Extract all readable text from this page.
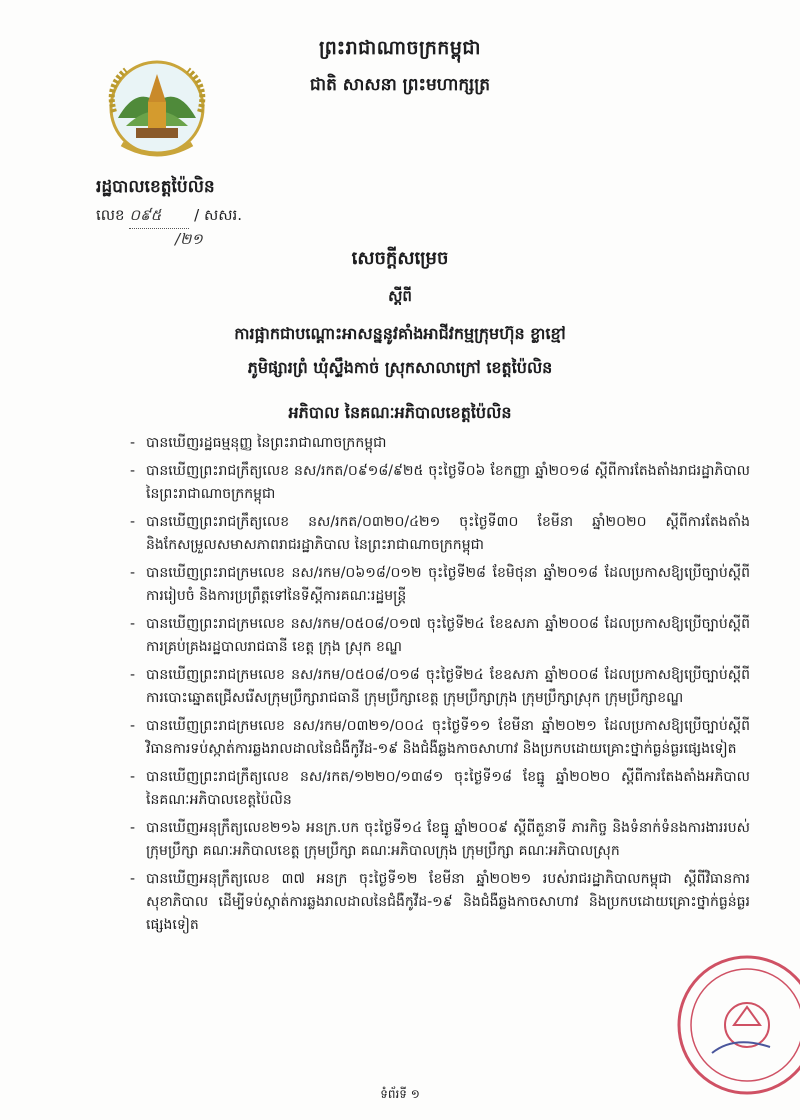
ព្រះរាជាណាចក្រកម្ពុជា
ជាតិ សាសនា ព្រះមហាក្សត្រ
រដ្ឋបាលខេត្តប៉ៃលិន
លេខ ០៩៥ / សសរ.
/២១
សេចក្តីសម្រេច
ស្តីពី
ការផ្អាកជាបណ្តោះអាសន្ននូវគាំងអាជីវកម្មក្រុមហ៊ុន ខ្លាខ្មៅ
ភូមិផ្សារព្រំ ឃុំស្ទឹងកាច់ ស្រុកសាលាក្រៅ ខេត្តប៉ៃលិន
អភិបាល នៃគណៈអភិបាលខេត្តប៉ៃលិន
- បានឃើញរដ្ឋធម្មនុញ្ញ នៃព្រះរាជាណាចក្រកម្ពុជា
- បានឃើញព្រះរាជក្រឹត្យលេខ នស/រកត/០៩១៨/៩២៥ ចុះថ្ងៃទី០៦ ខែកញ្ញា ឆ្នាំ២០១៨ ស្តីពីការតែងតាំងរាជរដ្ឋាភិបាលនៃព្រះរាជាណាចក្រកម្ពុជា
- បានឃើញព្រះរាជក្រឹត្យលេខ នស/រកត/០៣២០/៤២១ ចុះថ្ងៃទី៣០ ខែមីនា ឆ្នាំ២០២០ ស្តីពីការតែងតាំង និងកែសម្រួលសមាសភាពរាជរដ្ឋាភិបាល នៃព្រះរាជាណាចក្រកម្ពុជា
- បានឃើញព្រះរាជក្រមលេខ នស/រកម/០៦១៨/០១២ ចុះថ្ងៃទី២៨ ខែមិថុនា ឆ្នាំ២០១៨ ដែលប្រកាសឱ្យប្រើច្បាប់ស្តីពីការរៀបចំ និងការប្រព្រឹត្តទៅនៃទីស្តីការគណៈរដ្ឋមន្ត្រី
- បានឃើញព្រះរាជក្រមលេខ នស/រកម/០៥០៨/០១៧ ចុះថ្ងៃទី២៤ ខែឧសភា ឆ្នាំ២០០៨ ដែលប្រកាសឱ្យប្រើច្បាប់ស្តីពីការគ្រប់គ្រងរដ្ឋបាលរាជធានី ខេត្ត ក្រុង ស្រុក ខណ្ឌ
- បានឃើញព្រះរាជក្រមលេខ នស/រកម/០៥០៨/០១៨ ចុះថ្ងៃទី២៤ ខែឧសភា ឆ្នាំ២០០៨ ដែលប្រកាសឱ្យប្រើច្បាប់ស្តីពីការបោះឆ្នោតជ្រើសរើសក្រុមប្រឹក្សារាជធានី ក្រុមប្រឹក្សាខេត្ត ក្រុមប្រឹក្សាក្រុង ក្រុមប្រឹក្សាស្រុក ក្រុមប្រឹក្សាខណ្ឌ
- បានឃើញព្រះរាជក្រមលេខ នស/រកម/០៣២១/០០៤ ចុះថ្ងៃទី១១ ខែមីនា ឆ្នាំ២០២១ ដែលប្រកាសឱ្យប្រើច្បាប់ស្តីពីវិធានការទប់ស្កាត់ការឆ្លងរាលដាលនៃជំងឺកូវីដ-១៩ និងជំងឺឆ្លងកាចសាហាវ និងប្រកបដោយគ្រោះថ្នាក់ធ្ងន់ធ្ងរផ្សេងទៀត
- បានឃើញព្រះរាជក្រឹត្យលេខ នស/រកត/១២២០/១៣៨១ ចុះថ្ងៃទី១៨ ខែធ្នូ ឆ្នាំ២០២០ ស្តីពីការតែងតាំងអភិបាលនៃគណៈអភិបាលខេត្តប៉ៃលិន
- បានឃើញអនុក្រឹត្យលេខ២១៦ អនក្រ.បក ចុះថ្ងៃទី១៤ ខែធ្នូ ឆ្នាំ២០០៩ ស្តីពីតួនាទី ភារកិច្ច និងទំនាក់ទំនងការងាររបស់ក្រុមប្រឹក្សា គណៈអភិបាលខេត្ត ក្រុមប្រឹក្សា គណៈអភិបាលក្រុង ក្រុមប្រឹក្សា គណៈអភិបាលស្រុក
- បានឃើញអនុក្រឹត្យលេខ ៣៧ អនក្រ ចុះថ្ងៃទី១២ ខែមីនា ឆ្នាំ២០២១ របស់រាជរដ្ឋាភិបាលកម្ពុជា ស្តីពីវិធានការសុខាភិបាល ដើម្បីទប់ស្កាត់ការឆ្លងរាលដាលនៃជំងឺកូវីដ-១៩ និងជំងឺឆ្លងកាចសាហាវ និងប្រកបដោយគ្រោះថ្នាក់ធ្ងន់ធ្ងរផ្សេងទៀត
ទំព័រទី ១
